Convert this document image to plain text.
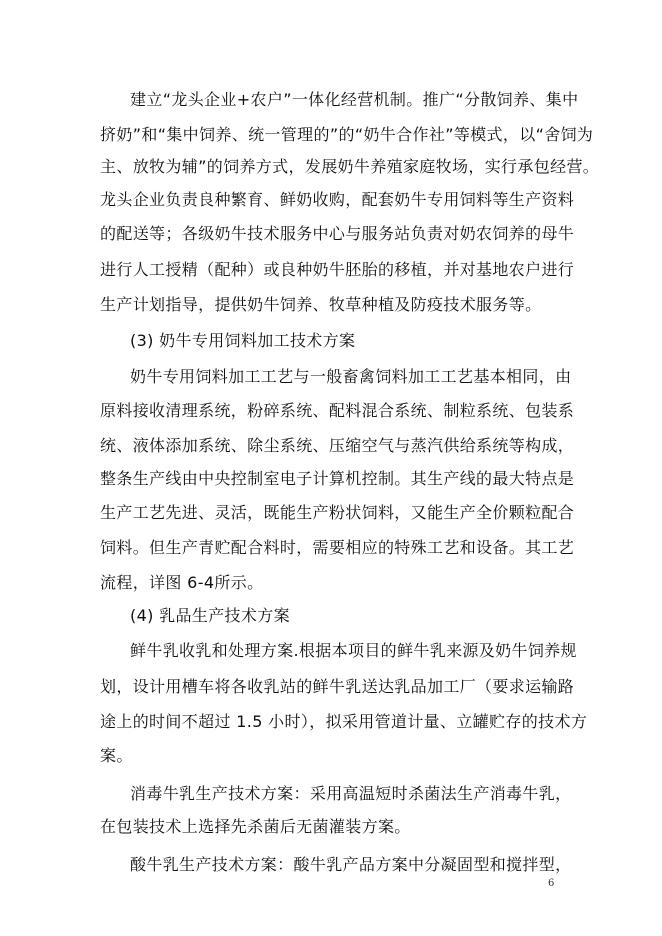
建立“龙头企业+农户”一体化经营机制。推广“分散饲养、集中
挤奶”和“集中饲养、统一管理的”的“奶牛合作社”等模式，以“舍饲为
主、放牧为辅”的饲养方式，发展奶牛养殖家庭牧场，实行承包经营。
龙头企业负责良种繁育、鲜奶收购，配套奶牛专用饲料等生产资料
的配送等；各级奶牛技术服务中心与服务站负责对奶农饲养的母牛
进行人工授精（配种）或良种奶牛胚胎的移植，并对基地农户进行
生产计划指导，提供奶牛饲养、牧草种植及防疫技术服务等。
(3) 奶牛专用饲料加工技术方案
奶牛专用饲料加工工艺与一般畜禽饲料加工工艺基本相同，由
原料接收清理系统，粉碎系统、配料混合系统、制粒系统、包装系
统、液体添加系统、除尘系统、压缩空气与蒸汽供给系统等构成，
整条生产线由中央控制室电子计算机控制。其生产线的最大特点是
生产工艺先进、灵活，既能生产粉状饲料，又能生产全价颗粒配合
饲料。但生产青贮配合料时，需要相应的特殊工艺和设备。其工艺
流程，详图 6-4所示。
(4) 乳品生产技术方案
鲜牛乳收乳和处理方案.根据本项目的鲜牛乳来源及奶牛饲养规
划，设计用槽车将各收乳站的鲜牛乳送达乳品加工厂（要求运输路
途上的时间不超过 1.5 小时），拟采用管道计量、立罐贮存的技术方
案。
消毒牛乳生产技术方案：采用高温短时杀菌法生产消毒牛乳，
在包装技术上选择先杀菌后无菌灌装方案。
酸牛乳生产技术方案：酸牛乳产品方案中分凝固型和搅拌型，
6
